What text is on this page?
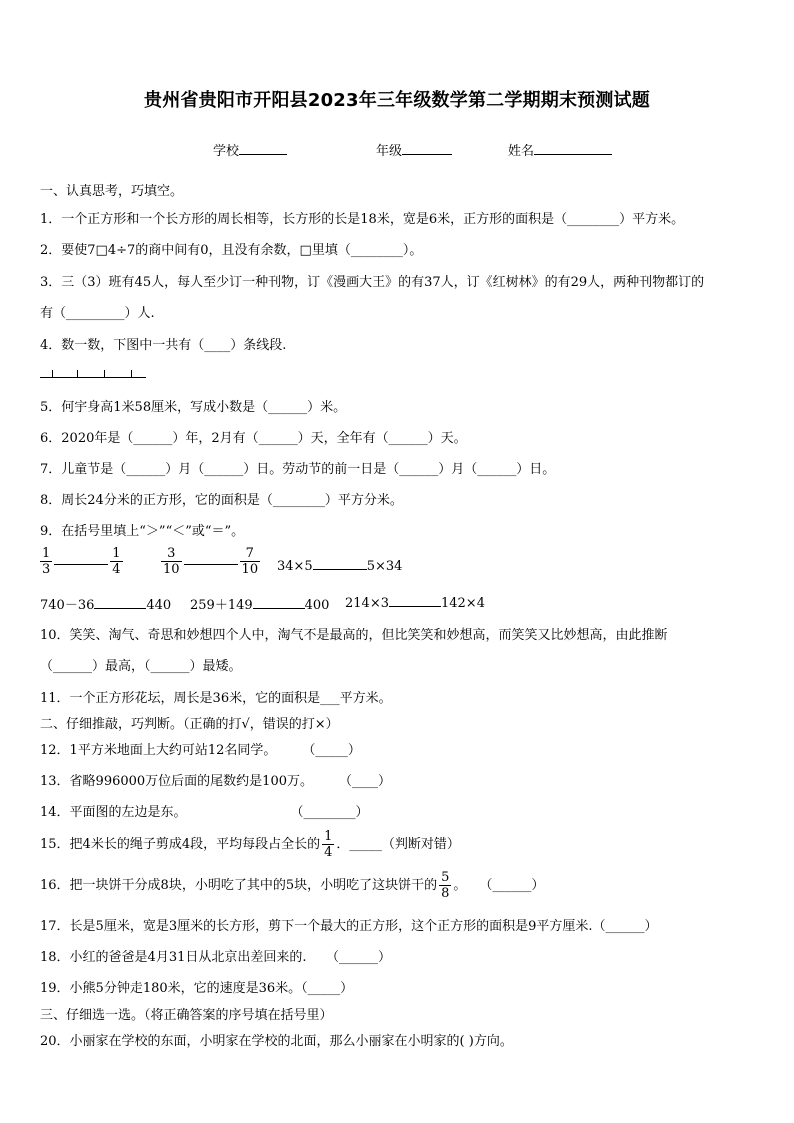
贵州省贵阳市开阳县2023年三年级数学第二学期期末预测试题
学校	年级	姓名
一、认真思考，巧填空。
1．一个正方形和一个长方形的周长相等，长方形的长是18米，宽是6米，正方形的面积是（________）平方米。
2．要使7□4÷7的商中间有0，且没有余数，□里填（________）。
3．三（3）班有45人，每人至少订一种刊物，订《漫画大王》的有37人，订《红树林》的有29人，两种刊物都订的
有（_________）人.
4．数一数，下图中一共有（____）条线段.
5．何宇身高1米58厘米，写成小数是（______）米。
6．2020年是（______）年，2月有（______）天，全年有（______）天。
7．儿童节是（______）月（______）日。劳动节的前一日是（______）月（______）日。
8．周长24分米的正方形，它的面积是（________）平方分米。
9．在括号里填上“＞”“＜”或“＝”。
$\frac{1}{3}$	$\frac{1}{4}$	$\frac{3}{10}$	$\frac{7}{10} 34\times 5$	5×34
740－36	440 259＋149	400 214×3	142×4
10．笑笑、淘气、奇思和妙想四个人中，淘气不是最高的，但比笑笑和妙想高，而笑笑又比妙想高，由此推断
（______）最高，（______）最矮。
11．一个正方形花坛，周长是36米，它的面积是___平方米。
二、仔细推敲，巧判断。（正确的打√，错误的打×）
12．1平方米地面上大约可站12名同学。　　　（_____）
13．省略996000万位后面的尾数约是100万。　　　（____）
14．平面图的左边是东。　　　　　　　　　（________）
15．把4米长的绳子剪成4段，平均每段占全长的 $\frac{1}{4}$ ．_____（判断对错）
16．把一块饼干分成8块，小明吃了其中的5块，小明吃了这块饼干的 $\frac{5}{8}$ 。　　（______）
17．长是5厘米，宽是3厘米的长方形，剪下一个最大的正方形，这个正方形的面积是9平方厘米.（______）
18．小红的爸爸是4月31日从北京出差回来的.　　（______）
19．小熊5分钟走180米，它的速度是36米。（_____）
三、仔细选一选。（将正确答案的序号填在括号里）
20．小丽家在学校的东面，小明家在学校的北面，那么小丽家在小明家的( )方向。
